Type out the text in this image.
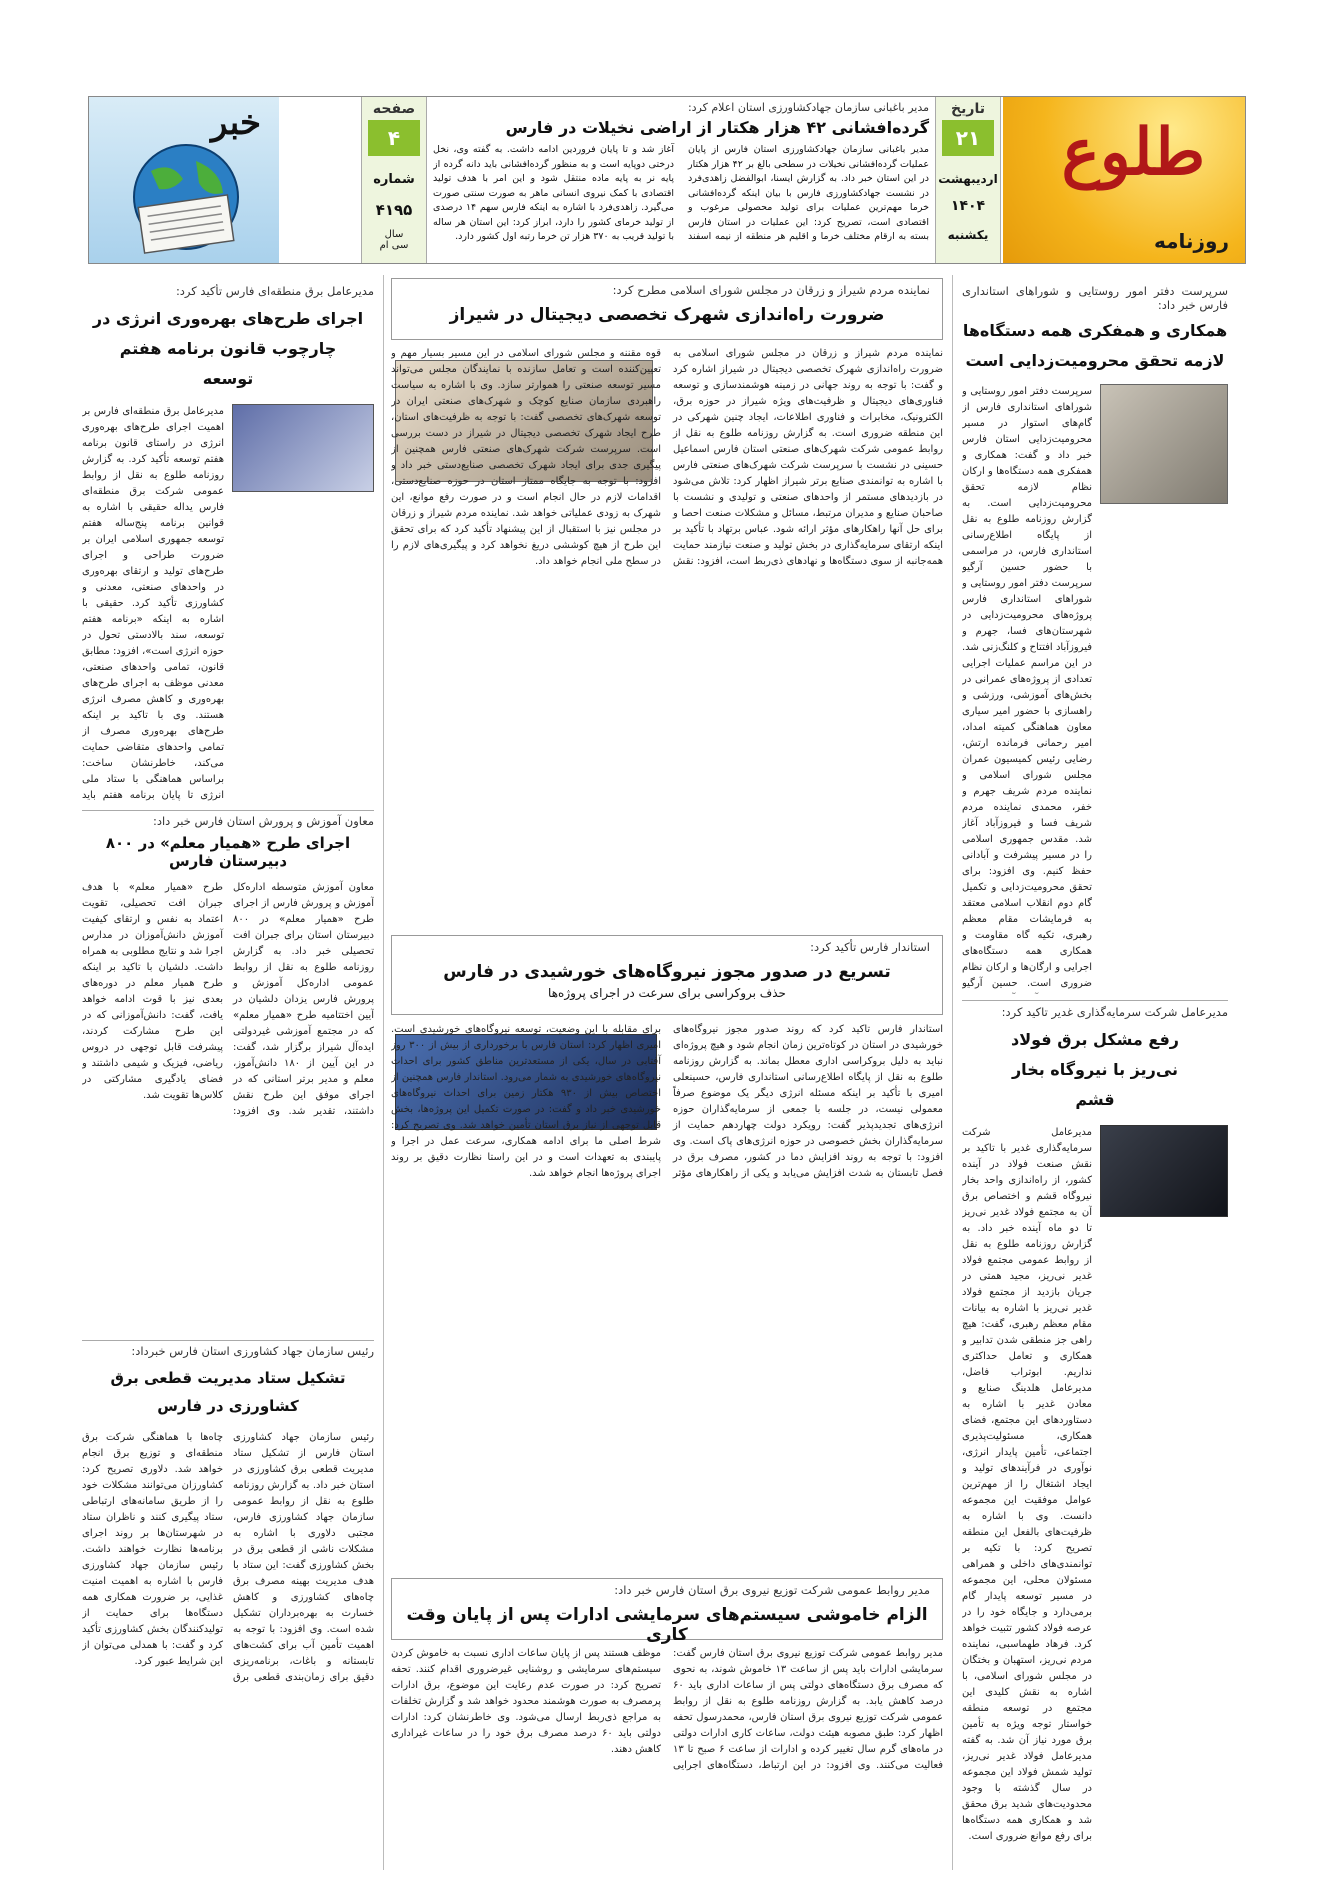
طلوع
روزنامه
تاریخ
۲۱
اردیبهشت
۱۴۰۴
یکشنبه
مدیر باغبانی سازمان جهادکشاورزی استان اعلام کرد:
گرده‌افشانی ۴۲ هزار هکتار از اراضی نخیلات در فارس
مدیر باغبانی سازمان جهادکشاورزی استان فارس از پایان عملیات گرده‌افشانی نخیلات در سطحی بالغ بر ۴۲ هزار هکتار در این استان خبر داد. به گزارش ایسنا، ابوالفضل زاهدی‌فرد در نشست جهادکشاورزی فارس با بیان اینکه گرده‌افشانی خرما مهم‌ترین عملیات برای تولید محصولی مرغوب و اقتصادی است، تصریح کرد: این عملیات در استان فارس بسته به ارقام مختلف خرما و اقلیم هر منطقه از نیمه اسفند آغاز شد و تا پایان فروردین ادامه داشت. به گفته وی، نخل درختی دوپایه است و به منظور گرده‌افشانی باید دانه گرده از پایه نر به پایه ماده منتقل شود و این امر با هدف تولید اقتصادی با کمک نیروی انسانی ماهر به صورت سنتی صورت می‌گیرد. زاهدی‌فرد با اشاره به اینکه فارس سهم ۱۴ درصدی از تولید خرمای کشور را دارد، ابراز کرد: این استان هر ساله با تولید قریب به ۳۷۰ هزار تن خرما رتبه اول کشور دارد.
صفحه
۴
شماره
۴۱۹۵
سال
سی ام
خبر
سرپرست دفتر امور روستایی و شوراهای استانداری فارس خبر داد:
همکاری و همفکری همه دستگاه‌ها لازمه تحقق محرومیت‌زدایی است
سرپرست دفتر امور روستایی و شوراهای استانداری فارس از گام‌های استوار در مسیر محرومیت‌زدایی استان فارس خبر داد و گفت: همکاری و همفکری همه دستگاه‌ها و ارکان نظام لازمه تحقق محرومیت‌زدایی است. به گزارش روزنامه طلوع به نقل از پایگاه اطلاع‌رسانی استانداری فارس، در مراسمی با حضور حسین آرگیو سرپرست دفتر امور روستایی و شوراهای استانداری فارس پروژه‌های محرومیت‌زدایی در شهرستان‌های فسا، جهرم و فیروزآباد افتتاح و کلنگ‌زنی شد. در این مراسم عملیات اجرایی تعدادی از پروژه‌های عمرانی در بخش‌های آموزشی، ورزشی و راهسازی با حضور امیر سیاری معاون هماهنگی کمیته امداد، امیر رحمانی فرمانده ارتش، رضایی رئیس کمیسیون عمران مجلس شورای اسلامی و نماینده مردم شریف جهرم و خفر، محمدی نماینده مردم شریف فسا و فیروزآباد آغاز شد. مقدس جمهوری اسلامی را در مسیر پیشرفت و آبادانی حفظ کنیم. وی افزود: برای تحقق محرومیت‌زدایی و تکمیل گام دوم انقلاب اسلامی معتقد به فرمایشات مقام معظم رهبری، تکیه گاه مقاومت و همکاری همه دستگاه‌های اجرایی و ارگان‌ها و ارکان نظام ضروری است. حسین آرگیو
مدیرعامل شرکت سرمایه‌گذاری غدیر تاکید کرد:
رفع مشکل برق فولاد نی‌ریز با نیروگاه بخار قشم
مدیرعامل شرکت سرمایه‌گذاری غدیر با تاکید بر نقش صنعت فولاد در آینده کشور، از راه‌اندازی واحد بخار نیروگاه قشم و اختصاص برق آن به مجتمع فولاد غدیر نی‌ریز تا دو ماه آینده خبر داد. به گزارش روزنامه طلوع به نقل از روابط عمومی مجتمع فولاد غدیر نی‌ریز، مجید همتی در جریان بازدید از مجتمع فولاد غدیر نی‌ریز با اشاره به بیانات مقام معظم رهبری، گفت: هیچ راهی جز منطقی شدن تدابیر و همکاری و تعامل حداکثری نداریم. ابوتراب فاضل، مدیرعامل هلدینگ صنایع و معادن غدیر با اشاره به دستاوردهای این مجتمع، فضای همکاری، مسئولیت‌پذیری اجتماعی، تأمین پایدار انرژی، نوآوری در فرآیندهای تولید و ایجاد اشتغال را از مهم‌ترین عوامل موفقیت این مجموعه دانست. وی با اشاره به ظرفیت‌های بالفعل این منطقه تصریح کرد: با تکیه بر توانمندی‌های داخلی و همراهی مسئولان محلی، این مجموعه در مسیر توسعه پایدار گام برمی‌دارد و جایگاه خود را در عرصه فولاد کشور تثبیت خواهد کرد. فرهاد طهماسبی، نماینده مردم نی‌ریز، استهبان و بختگان در مجلس شورای اسلامی، با اشاره به نقش کلیدی این مجتمع در توسعه منطقه خواستار توجه ویژه به تأمین برق مورد نیاز آن شد. به گفته مدیرعامل فولاد غدیر نی‌ریز، تولید شمش فولاد این مجموعه در سال گذشته با وجود محدودیت‌های شدید برق محقق شد و همکاری همه دستگاه‌ها برای رفع موانع ضروری است.
نماینده مردم شیراز و زرقان در مجلس شورای اسلامی مطرح کرد:
ضرورت راه‌اندازی شهرک تخصصی دیجیتال در شیراز
نماینده مردم شیراز و زرقان در مجلس شورای اسلامی به ضرورت راه‌اندازی شهرک تخصصی دیجیتال در شیراز اشاره کرد و گفت: با توجه به روند جهانی در زمینه هوشمندسازی و توسعه فناوری‌های دیجیتال و ظرفیت‌های ویژه شیراز در حوزه برق، الکترونیک، مخابرات و فناوری اطلاعات، ایجاد چنین شهرکی در این منطقه ضروری است. به گزارش روزنامه طلوع به نقل از روابط عمومی شرکت شهرک‌های صنعتی استان فارس اسماعیل حسینی در نشست با سرپرست شرکت شهرک‌های صنعتی فارس با اشاره به توانمندی صنایع برتر شیراز اظهار کرد: تلاش می‌شود در بازدیدهای مستمر از واحدهای صنعتی و تولیدی و نشست با صاحبان صنایع و مدیران مرتبط، مسائل و مشکلات صنعت احصا و برای حل آنها راهکارهای مؤثر ارائه شود. عباس برتهاد با تأکید بر اینکه ارتقای سرمایه‌گذاری در بخش تولید و صنعت نیازمند حمایت همه‌جانبه از سوی دستگاه‌ها و نهادهای ذی‌ربط است، افزود: نقش قوه مقننه و مجلس شورای اسلامی در این مسیر بسیار مهم و تعیین‌کننده است و تعامل سازنده با نمایندگان مجلس می‌تواند مسیر توسعه صنعتی را هموارتر سازد. وی با اشاره به سیاست راهبردی سازمان صنایع کوچک و شهرک‌های صنعتی ایران در توسعه شهرک‌های تخصصی گفت: با توجه به ظرفیت‌های استان، طرح ایجاد شهرک تخصصی دیجیتال در شیراز در دست بررسی است. سرپرست شرکت شهرک‌های صنعتی فارس همچنین از پیگیری جدی برای ایجاد شهرک تخصصی صنایع‌دستی خبر داد و افزود: با توجه به جایگاه ممتاز استان در حوزه صنایع‌دستی، اقدامات لازم در حال انجام است و در صورت رفع موانع، این شهرک به زودی عملیاتی خواهد شد. نماینده مردم شیراز و زرقان در مجلس نیز با استقبال از این پیشنهاد تأکید کرد که برای تحقق این طرح از هیچ کوششی دریغ نخواهد کرد و پیگیری‌های لازم را در سطح ملی انجام خواهد داد.
استاندار فارس تأکید کرد:
تسریع در صدور مجوز نیروگاه‌های خورشیدی در فارس
حذف بروکراسی برای سرعت در اجرای پروژه‌ها
استاندار فارس تاکید کرد که روند صدور مجوز نیروگاه‌های خورشیدی در استان در کوتاه‌ترین زمان انجام شود و هیچ پروژه‌ای نباید به دلیل بروکراسی اداری معطل بماند. به گزارش روزنامه طلوع به نقل از پایگاه اطلاع‌رسانی استانداری فارس، حسینعلی امیری با تأکید بر اینکه مسئله انرژی دیگر یک موضوع صرفاً معمولی نیست، در جلسه با جمعی از سرمایه‌گذاران حوزه انرژی‌های تجدیدپذیر گفت: رویکرد دولت چهاردهم حمایت از سرمایه‌گذاران بخش خصوصی در حوزه انرژی‌های پاک است. وی افزود: با توجه به روند افزایش دما در کشور، مصرف برق در فصل تابستان به شدت افزایش می‌یابد و یکی از راهکارهای مؤثر برای مقابله با این وضعیت، توسعه نیروگاه‌های خورشیدی است. امیری اظهار کرد: استان فارس با برخورداری از بیش از ۳۰۰ روز آفتابی در سال، یکی از مستعدترین مناطق کشور برای احداث نیروگاه‌های خورشیدی به شمار می‌رود. استاندار فارس همچنین از اختصاص بیش از ۹۳۰ هکتار زمین برای احداث نیروگاه‌های خورشیدی خبر داد و گفت: در صورت تکمیل این پروژه‌ها، بخش قابل توجهی از نیاز برق استان تأمین خواهد شد. وی تصریح کرد: شرط اصلی ما برای ادامه همکاری، سرعت عمل در اجرا و پایبندی به تعهدات است و در این راستا نظارت دقیق بر روند اجرای پروژه‌ها انجام خواهد شد.
مدیر روابط عمومی شرکت توزیع نیروی برق استان فارس خبر داد:
الزام خاموشی سیستم‌های سرمایشی ادارات پس از پایان وقت کاری
مدیر روابط عمومی شرکت توزیع نیروی برق استان فارس گفت: سرمایشی ادارات باید پس از ساعت ۱۳ خاموش شوند، به نحوی که مصرف برق دستگاه‌های دولتی پس از ساعات اداری باید ۶۰ درصد کاهش یابد. به گزارش روزنامه طلوع به نقل از روابط عمومی شرکت توزیع نیروی برق استان فارس، محمدرسول تحفه اظهار کرد: طبق مصوبه هیئت دولت، ساعات کاری ادارات دولتی در ماه‌های گرم سال تغییر کرده و ادارات از ساعت ۶ صبح تا ۱۳ فعالیت می‌کنند. وی افزود: در این ارتباط، دستگاه‌های اجرایی موظف هستند پس از پایان ساعات اداری نسبت به خاموش کردن سیستم‌های سرمایشی و روشنایی غیرضروری اقدام کنند. تحفه تصریح کرد: در صورت عدم رعایت این موضوع، برق ادارات پرمصرف به صورت هوشمند محدود خواهد شد و گزارش تخلفات به مراجع ذی‌ربط ارسال می‌شود. وی خاطرنشان کرد: ادارات دولتی باید ۶۰ درصد مصرف برق خود را در ساعات غیراداری کاهش دهند.
مدیرعامل برق منطقه‌ای فارس تأکید کرد:
اجرای طرح‌های بهره‌وری انرژی در چارچوب قانون برنامه هفتم توسعه
مدیرعامل برق منطقه‌ای فارس بر اهمیت اجرای طرح‌های بهره‌وری انرژی در راستای قانون برنامه هفتم توسعه تأکید کرد. به گزارش روزنامه طلوع به نقل از روابط عمومی شرکت برق منطقه‌ای فارس یداله حقیقی با اشاره به قوانین برنامه پنج‌ساله هفتم توسعه جمهوری اسلامی ایران بر ضرورت طراحی و اجرای طرح‌های تولید و ارتقای بهره‌وری در واحدهای صنعتی، معدنی و کشاورزی تأکید کرد. حقیقی با اشاره به اینکه «برنامه هفتم توسعه، سند بالادستی تحول در حوزه انرژی است»، افزود: مطابق قانون، تمامی واحدهای صنعتی، معدنی موظف به اجرای طرح‌های بهره‌وری و کاهش مصرف انرژی هستند. وی با تاکید بر اینکه طرح‌های بهره‌وری مصرف از تمامی واحدهای متقاضی حمایت می‌کند، خاطرنشان ساخت: براساس هماهنگی با ستاد ملی انرژی تا پایان برنامه هفتم باید
معاون آموزش و پرورش استان فارس خبر داد:
اجرای طرح «همیار معلم» در ۸۰۰ دبیرستان فارس
معاون آموزش متوسطه اداره‌کل آموزش و پرورش فارس از اجرای طرح «همیار معلم» در ۸۰۰ دبیرستان استان برای جبران افت تحصیلی خبر داد. به گزارش روزنامه طلوع به نقل از روابط عمومی اداره‌کل آموزش و پرورش فارس یزدان دلشیان در آیین اختتامیه طرح «همیار معلم» که در مجتمع آموزشی غیردولتی ایده‌آل شیراز برگزار شد، گفت: در این آیین از ۱۸۰ دانش‌آموز، معلم و مدیر برتر استانی که در اجرای موفق این طرح نقش داشتند، تقدیر شد. وی افزود: طرح «همیار معلم» با هدف جبران افت تحصیلی، تقویت اعتماد به نفس و ارتقای کیفیت آموزش دانش‌آموزان در مدارس اجرا شد و نتایج مطلوبی به همراه داشت. دلشیان با تاکید بر اینکه طرح همیار معلم در دوره‌های بعدی نیز با قوت ادامه خواهد یافت، گفت: دانش‌آموزانی که در این طرح مشارکت کردند، پیشرفت قابل توجهی در دروس ریاضی، فیزیک و شیمی داشتند و فضای یادگیری مشارکتی در کلاس‌ها تقویت شد.
رئیس سازمان جهاد کشاورزی استان فارس خبرداد:
تشکیل ستاد مدیریت قطعی برق کشاورزی در فارس
رئیس سازمان جهاد کشاورزی استان فارس از تشکیل ستاد مدیریت قطعی برق کشاورزی در استان خبر داد. به گزارش روزنامه طلوع به نقل از روابط عمومی سازمان جهاد کشاورزی فارس، مجتبی دلاوری با اشاره به مشکلات ناشی از قطعی برق در بخش کشاورزی گفت: این ستاد با هدف مدیریت بهینه مصرف برق چاه‌های کشاورزی و کاهش خسارت به بهره‌برداران تشکیل شده است. وی افزود: با توجه به اهمیت تأمین آب برای کشت‌های تابستانه و باغات، برنامه‌ریزی دقیق برای زمان‌بندی قطعی برق چاه‌ها با هماهنگی شرکت برق منطقه‌ای و توزیع برق انجام خواهد شد. دلاوری تصریح کرد: کشاورزان می‌توانند مشکلات خود را از طریق سامانه‌های ارتباطی ستاد پیگیری کنند و ناظران ستاد در شهرستان‌ها بر روند اجرای برنامه‌ها نظارت خواهند داشت. رئیس سازمان جهاد کشاورزی فارس با اشاره به اهمیت امنیت غذایی، بر ضرورت همکاری همه دستگاه‌ها برای حمایت از تولیدکنندگان بخش کشاورزی تأکید کرد و گفت: با همدلی می‌توان از این شرایط عبور کرد.
